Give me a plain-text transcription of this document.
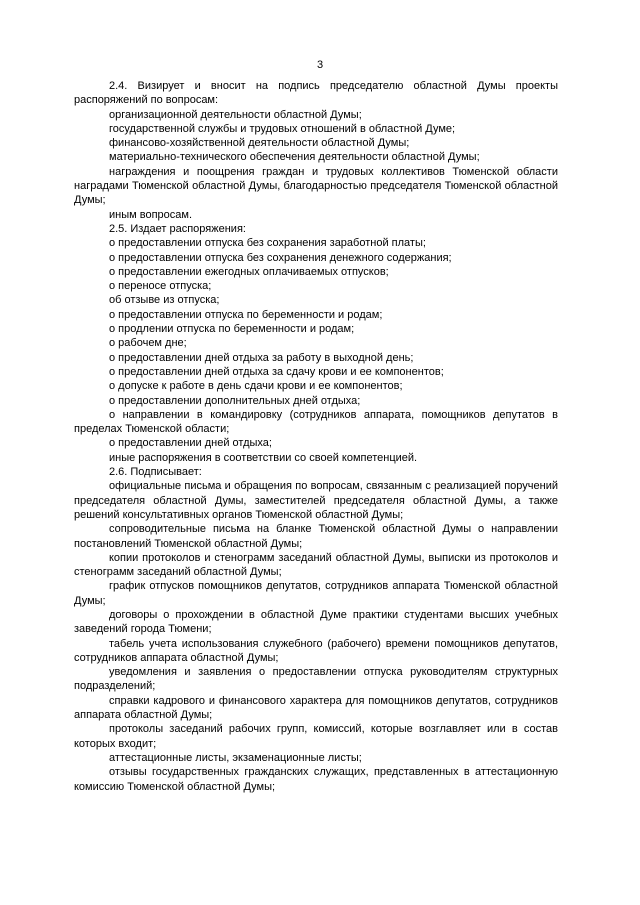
3

2.4. Визирует и вносит на подпись председателю областной Думы проекты распоряжений по вопросам:

организационной деятельности областной Думы;

государственной службы и трудовых отношений в областной Думе;

финансово-хозяйственной деятельности областной Думы;

материально-технического обеспечения деятельности областной Думы;

награждения и поощрения граждан и трудовых коллективов Тюменской области наградами Тюменской областной Думы, благодарностью председателя Тюменской областной Думы;

иным вопросам.

2.5. Издает распоряжения:

о предоставлении отпуска без сохранения заработной платы;

о предоставлении отпуска без сохранения денежного содержания;

о предоставлении ежегодных оплачиваемых отпусков;

о переносе отпуска;

об отзыве из отпуска;

о предоставлении отпуска по беременности и родам;

о продлении отпуска по беременности и родам;

о рабочем дне;

о предоставлении дней отдыха за работу в выходной день;

о предоставлении дней отдыха за сдачу крови и ее компонентов;

о допуске к работе в день сдачи крови и ее компонентов;

о предоставлении дополнительных дней отдыха;

о направлении в командировку (сотрудников аппарата, помощников депутатов в пределах Тюменской области;

о предоставлении дней отдыха;

иные распоряжения в соответствии со своей компетенцией.

2.6. Подписывает:

официальные письма и обращения по вопросам, связанным с реализацией поручений председателя областной Думы, заместителей председателя областной Думы, а также решений консультативных органов Тюменской областной Думы;

сопроводительные письма на бланке Тюменской областной Думы о направлении постановлений Тюменской областной Думы;

копии протоколов и стенограмм заседаний областной Думы, выписки из протоколов и стенограмм заседаний областной Думы;

график отпусков помощников депутатов, сотрудников аппарата Тюменской областной Думы;

договоры о прохождении в областной Думе практики студентами высших учебных заведений города Тюмени;

табель учета использования служебного (рабочего) времени помощников депутатов, сотрудников аппарата областной Думы;

уведомления и заявления о предоставлении отпуска руководителям структурных подразделений;

справки кадрового и финансового характера для помощников депутатов, сотрудников аппарата областной Думы;

протоколы заседаний рабочих групп, комиссий, которые возглавляет или в состав которых входит;

аттестационные листы, экзаменационные листы;

отзывы государственных гражданских служащих, представленных в аттестационную комиссию Тюменской областной Думы;
